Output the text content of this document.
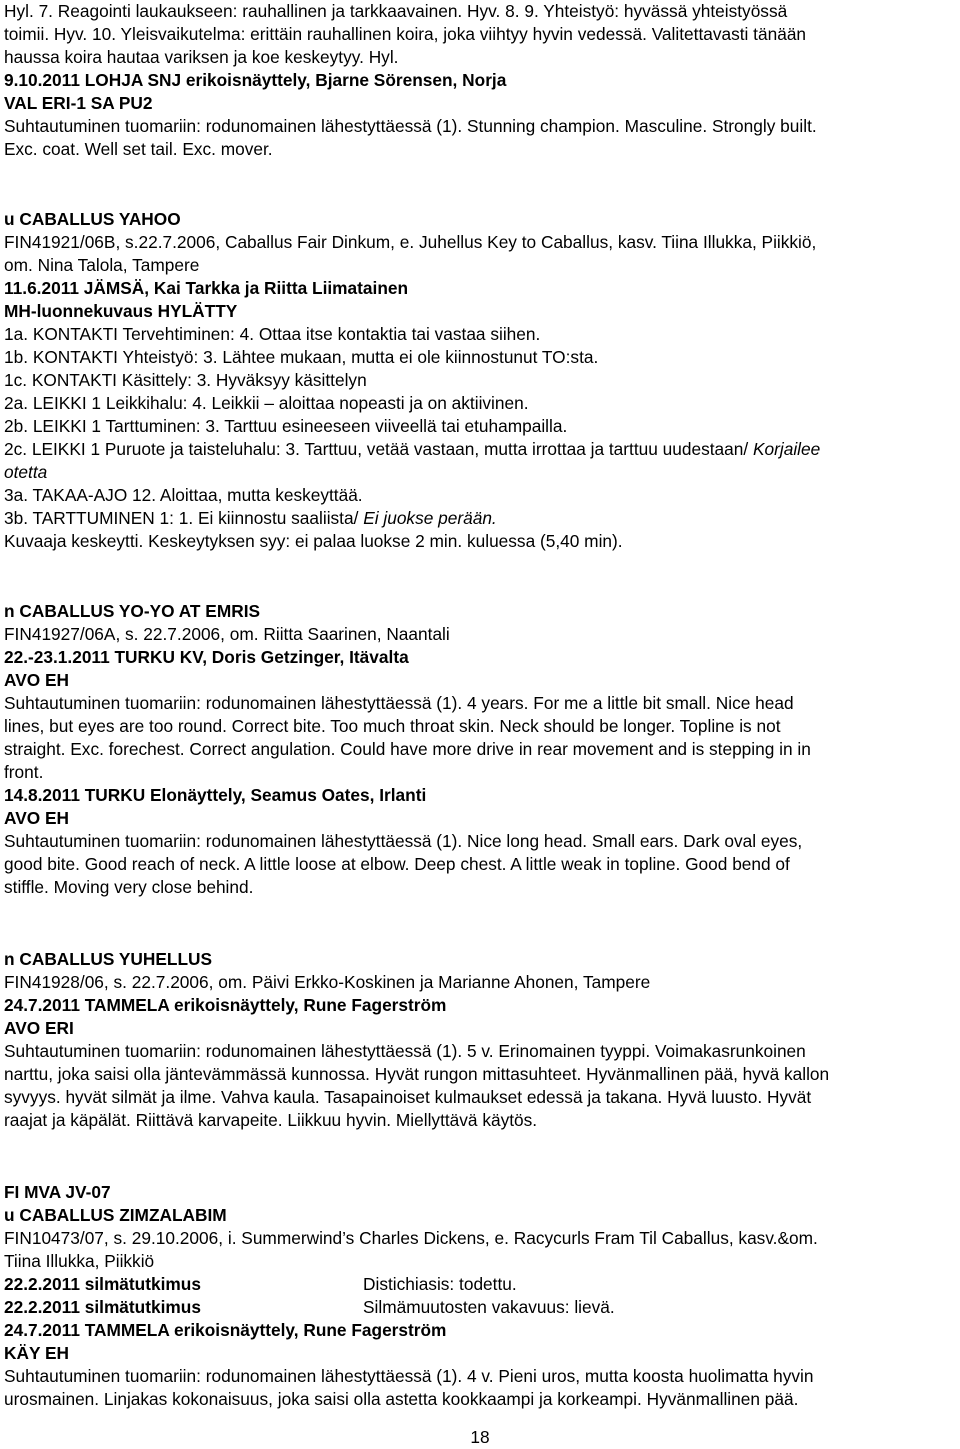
Hyl. 7. Reagointi laukaukseen: rauhallinen ja tarkkaavainen. Hyv. 8. 9. Yhteistyö: hyvässä yhteistyössä
toimii. Hyv. 10. Yleisvaikutelma: erittäin rauhallinen koira, joka viihtyy hyvin vedessä. Valitettavasti tänään
haussa koira hautaa variksen ja koe keskeytyy. Hyl.
9.10.2011 LOHJA SNJ erikoisnäyttely, Bjarne Sörensen, Norja
VAL ERI-1 SA PU2
Suhtautuminen tuomariin: rodunomainen lähestyttäessä (1). Stunning champion. Masculine. Strongly built.
Exc. coat. Well set tail. Exc. mover.
u CABALLUS YAHOO
FIN41921/06B, s.22.7.2006, Caballus Fair Dinkum, e. Juhellus Key to Caballus, kasv. Tiina Illukka, Piikkiö,
om. Nina Talola, Tampere
11.6.2011 JÄMSÄ, Kai Tarkka ja Riitta Liimatainen
MH-luonnekuvaus HYLÄTTY
1a. KONTAKTI Tervehtiminen: 4. Ottaa itse kontaktia tai vastaa siihen.
1b. KONTAKTI Yhteistyö: 3. Lähtee mukaan, mutta ei ole kiinnostunut TO:sta.
1c. KONTAKTI Käsittely: 3. Hyväksyy käsittelyn
2a. LEIKKI 1 Leikkihalu: 4. Leikkii – aloittaa nopeasti ja on aktiivinen.
2b. LEIKKI 1 Tarttuminen: 3. Tarttuu esineeseen viiveellä tai etuhampailla.
2c. LEIKKI 1 Puruote ja taisteluhalu: 3. Tarttuu, vetää vastaan, mutta irrottaa ja tarttuu uudestaan/ Korjailee
otetta
3a. TAKAA-AJO 12. Aloittaa, mutta keskeyttää.
3b. TARTTUMINEN 1: 1. Ei kiinnostu saaliista/ Ei juokse perään.
Kuvaaja keskeytti. Keskeytyksen syy: ei palaa luokse 2 min. kuluessa (5,40 min).
n CABALLUS YO-YO AT EMRIS
FIN41927/06A, s. 22.7.2006, om. Riitta Saarinen, Naantali
22.-23.1.2011 TURKU KV, Doris Getzinger, Itävalta
AVO EH
Suhtautuminen tuomariin: rodunomainen lähestyttäessä (1). 4 years. For me a little bit small. Nice head
lines, but eyes are too round. Correct bite. Too much throat skin. Neck should be longer. Topline is not
straight. Exc. forechest. Correct angulation. Could have more drive in rear movement and is stepping in in
front.
14.8.2011 TURKU Elonäyttely, Seamus Oates, Irlanti
AVO EH
Suhtautuminen tuomariin: rodunomainen lähestyttäessä (1). Nice long head. Small ears. Dark oval eyes,
good bite. Good reach of neck. A little loose at elbow. Deep chest. A little weak in topline. Good bend of
stiffle. Moving very close behind.
n CABALLUS YUHELLUS
FIN41928/06, s. 22.7.2006, om. Päivi Erkko-Koskinen ja Marianne Ahonen, Tampere
24.7.2011 TAMMELA erikoisnäyttely, Rune Fagerström
AVO ERI
Suhtautuminen tuomariin: rodunomainen lähestyttäessä (1). 5 v. Erinomainen tyyppi. Voimakasrunkoinen
narttu, joka saisi olla jäntevämmässä kunnossa. Hyvät rungon mittasuhteet. Hyvänmallinen pää, hyvä kallon
syvyys. hyvät silmät ja ilme. Vahva kaula. Tasapainoiset kulmaukset edessä ja takana. Hyvä luusto. Hyvät
raajat ja käpälät. Riittävä karvapeite. Liikkuu hyvin. Miellyttävä käytös.
FI MVA JV-07
u CABALLUS ZIMZALABIM
FIN10473/07, s. 29.10.2006, i. Summerwind’s Charles Dickens, e. Racycurls Fram Til Caballus, kasv.&om.
Tiina Illukka, Piikkiö
22.2.2011 silmätutkimus	Distichiasis: todettu.
22.2.2011 silmätutkimus	Silmämuutosten vakavuus: lievä.
24.7.2011 TAMMELA erikoisnäyttely, Rune Fagerström
KÄY EH
Suhtautuminen tuomariin: rodunomainen lähestyttäessä (1). 4 v. Pieni uros, mutta koosta huolimatta hyvin
urosmainen. Linjakas kokonaisuus, joka saisi olla astetta kookkaampi ja korkeampi. Hyvänmallinen pää.
18
